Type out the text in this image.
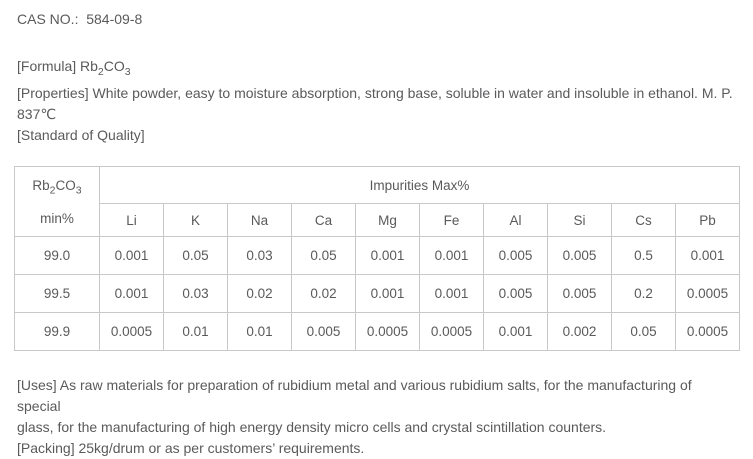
CAS NO.:  584-09-8

[Formula] $Rb_2CO_3$

[Properties] White powder, easy to moisture absorption, strong base, soluble in water and insoluble in ethanol. M. P.
837℃
[Standard of Quality]

$Rb_2CO_3$
min%	Impurities Max%									
	Li	K	Na	Ca	Mg	Fe	Al	Si	Cs	Pb
99.0	0.001	0.05	0.03	0.05	0.001	0.001	0.005	0.005	0.5	0.001
99.5	0.001	0.03	0.02	0.02	0.001	0.001	0.005	0.005	0.2	0.0005
99.9	0.0005	0.01	0.01	0.005	0.0005	0.0005	0.001	0.002	0.05	0.0005

[Uses] As raw materials for preparation of rubidium metal and various rubidium salts, for the manufacturing of special
glass, for the manufacturing of high energy density micro cells and crystal scintillation counters.
[Packing] 25kg/drum or as per customers’ requirements.
